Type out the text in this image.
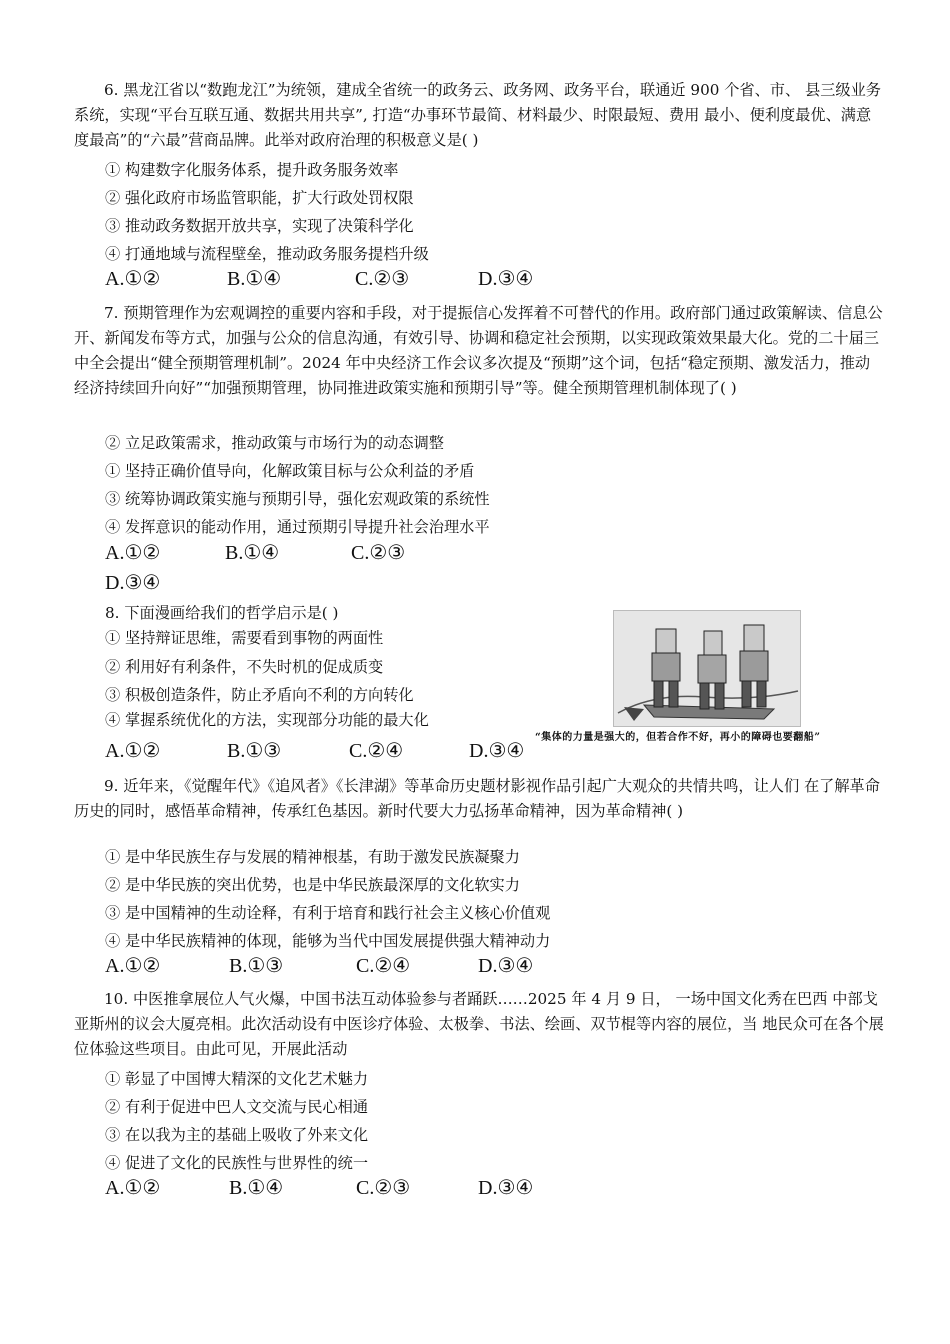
6. 黑龙江省以“数跑龙江”为统领，建成全省统一的政务云、政务网、政务平台，联通近 900 个省、市、 县三级业务系统，实现“平台互联互通、数据共用共享”, 打造“办事环节最简、材料最少、时限最短、费用 最小、便利度最优、满意度最高”的“六最”营商品牌。此举对政府治理的积极意义是( )
① 构建数字化服务体系，提升政务服务效率
② 强化政府市场监管职能，扩大行政处罚权限
③ 推动政务数据开放共享，实现了决策科学化
④ 打通地域与流程壁垒，推动政务服务提档升级
A.①②	B.①④	C.②③	D.③④
7. 预期管理作为宏观调控的重要内容和手段，对于提振信心发挥着不可替代的作用。政府部门通过政策解读、信息公开、新闻发布等方式，加强与公众的信息沟通，有效引导、协调和稳定社会预期，以实现政策效果最大化。党的二十届三中全会提出“健全预期管理机制”。2024 年中央经济工作会议多次提及“预期”这个词，包括“稳定预期、激发活力，推动经济持续回升向好”“加强预期管理，协同推进政策实施和预期引导”等。健全预期管理机制体现了( )
② 立足政策需求，推动政策与市场行为的动态调整
① 坚持正确价值导向，化解政策目标与公众利益的矛盾
③ 统筹协调政策实施与预期引导，强化宏观政策的系统性
④ 发挥意识的能动作用，通过预期引导提升社会治理水平
A.①②	B.①④	C.②③
D.③④
8. 下面漫画给我们的哲学启示是( )
① 坚持辩证思维，需要看到事物的两面性
② 利用好有利条件，不失时机的促成质变
③ 积极创造条件，防止矛盾向不利的方向转化
④ 掌握系统优化的方法，实现部分功能的最大化
“集体的力量是强大的，但若合作不好，再小的障碍也要翻船”
A.①②	B.①③	C.②④	D.③④
9. 近年来，《觉醒年代》《追风者》《长津湖》等革命历史题材影视作品引起广大观众的共情共鸣，让人们 在了解革命历史的同时，感悟革命精神，传承红色基因。新时代要大力弘扬革命精神，因为革命精神( )
① 是中华民族生存与发展的精神根基，有助于激发民族凝聚力
② 是中华民族的突出优势，也是中华民族最深厚的文化软实力
③ 是中国精神的生动诠释，有利于培育和践行社会主义核心价值观
④ 是中华民族精神的体现，能够为当代中国发展提供强大精神动力
A.①②	B.①③	C.②④	D.③④
10. 中医推拿展位人气火爆，中国书法互动体验参与者踊跃……2025 年 4 月 9 日， 一场中国文化秀在巴西 中部戈亚斯州的议会大厦亮相。此次活动设有中医诊疗体验、太极拳、书法、绘画、双节棍等内容的展位，当 地民众可在各个展位体验这些项目。由此可见，开展此活动
① 彰显了中国博大精深的文化艺术魅力
② 有利于促进中巴人文交流与民心相通
③ 在以我为主的基础上吸收了外来文化
④ 促进了文化的民族性与世界性的统一
A.①②	B.①④	C.②③	D.③④
